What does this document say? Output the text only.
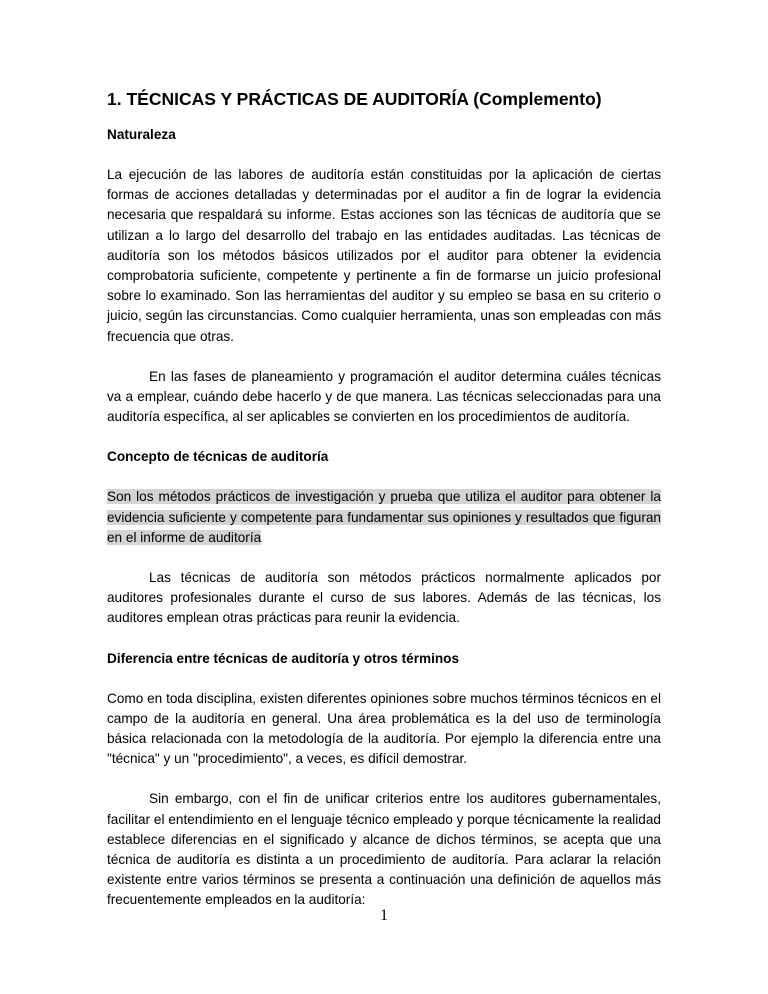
1. TÉCNICAS Y PRÁCTICAS DE AUDITORÍA (Complemento)
Naturaleza

La ejecución de las labores de auditoría están constituidas por la aplicación de ciertas formas de acciones detalladas y determinadas por el auditor a fin de lograr la evidencia necesaria que respaldará su informe. Estas acciones son las técnicas de auditoría que se utilizan a lo largo del desarrollo del trabajo en las entidades auditadas. Las técnicas de auditoría son los métodos básicos utilizados por el auditor para obtener la evidencia comprobatoria suficiente, competente y pertinente a fin de formarse un juicio profesional sobre lo examinado. Son las herramientas del auditor y su empleo se basa en su criterio o juicio, según las circunstancias. Como cualquier herramienta, unas son empleadas con más frecuencia que otras.

En las fases de planeamiento y programación el auditor determina cuáles técnicas va a emplear, cuándo debe hacerlo y de que manera. Las técnicas seleccionadas para una auditoría específica, al ser aplicables se convierten en los procedimientos de auditoría.

Concepto de técnicas de auditoría

Son los métodos prácticos de investigación y prueba que utiliza el auditor para obtener la evidencia suficiente y competente para fundamentar sus opiniones y resultados que figuran en el informe de auditoría

Las técnicas de auditoría son métodos prácticos normalmente aplicados por auditores profesionales durante el curso de sus labores. Además de las técnicas, los auditores emplean otras prácticas para reunir la evidencia.

Diferencia entre técnicas de auditoría y otros términos

Como en toda disciplina, existen diferentes opiniones sobre muchos términos técnicos en el campo de la auditoría en general. Una área problemática es la del uso de terminología básica relacionada con la metodología de la auditoría. Por ejemplo la diferencia entre una "técnica" y un "procedimiento", a veces, es difícil demostrar.

Sin embargo, con el fin de unificar criterios entre los auditores gubernamentales, facilitar el entendimiento en el lenguaje técnico empleado y porque técnicamente la realidad establece diferencias en el significado y alcance de dichos términos, se acepta que una técnica de auditoría es distinta a un procedimiento de auditoría. Para aclarar la relación existente entre varios términos se presenta a continuación una definición de aquellos más frecuentemente empleados en la auditoría:

1
